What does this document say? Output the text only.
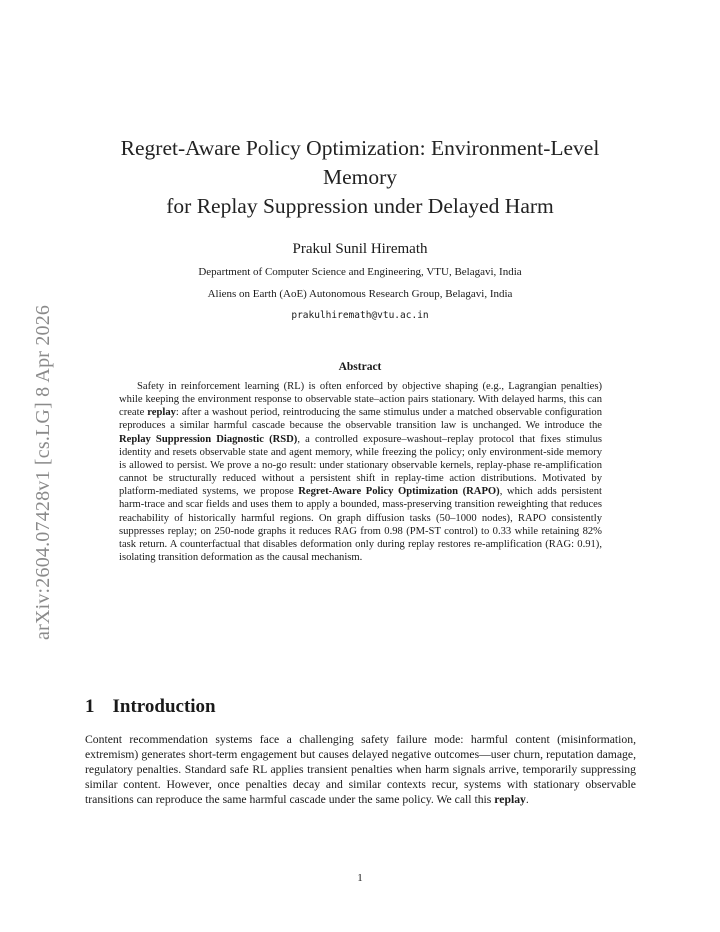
arXiv:2604.07428v1 [cs.LG] 8 Apr 2026
Regret-Aware Policy Optimization: Environment-Level
Memory
for Replay Suppression under Delayed Harm
Prakul Sunil Hiremath
Department of Computer Science and Engineering, VTU, Belagavi, India
Aliens on Earth (AoE) Autonomous Research Group, Belagavi, India
prakulhiremath@vtu.ac.in
Abstract

Safety in reinforcement learning (RL) is often enforced by objective shaping (e.g., Lagrangian penalties) while keeping the environment response to observable state–action pairs stationary. With delayed harms, this can create replay: after a washout period, reintroducing the same stimulus under a matched observable configuration reproduces a similar harmful cascade because the observable transition law is unchanged. We introduce the Replay Suppression Diagnostic (RSD), a controlled exposure–washout–replay protocol that fixes stimulus identity and resets observable state and agent memory, while freezing the policy; only environment-side memory is allowed to persist. We prove a no-go result: under stationary observable kernels, replay-phase re-amplification cannot be structurally reduced without a persistent shift in replay-time action distributions. Motivated by platform-mediated systems, we propose Regret-Aware Policy Optimization (RAPO), which adds persistent harm-trace and scar fields and uses them to apply a bounded, mass-preserving transition reweighting that reduces reachability of historically harmful regions. On graph diffusion tasks (50–1000 nodes), RAPO consistently suppresses replay; on 250-node graphs it reduces RAG from 0.98 (PM-ST control) to 0.33 while retaining 82% task return. A counterfactual that disables deformation only during replay restores re-amplification (RAG: 0.91), isolating transition deformation as the causal mechanism.

1 Introduction

Content recommendation systems face a challenging safety failure mode: harmful content (misinformation, extremism) generates short-term engagement but causes delayed negative outcomes—user churn, reputation damage, regulatory penalties. Standard safe RL applies transient penalties when harm signals arrive, temporarily suppressing similar content. However, once penalties decay and similar contexts recur, systems with stationary observable transitions can reproduce the same harmful cascade under the same policy. We call this replay.

1
